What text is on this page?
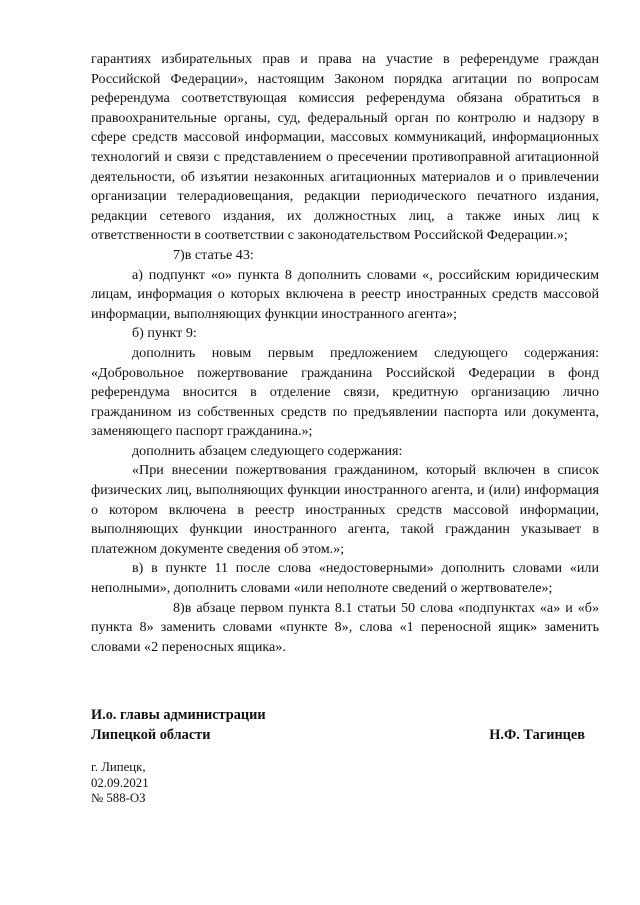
гарантиях избирательных прав и права на участие в референдуме граждан Российской Федерации», настоящим Законом порядка агитации по вопросам референдума соответствующая комиссия референдума обязана обратиться в правоохранительные органы, суд, федеральный орган по контролю и надзору в сфере средств массовой информации, массовых коммуникаций, информационных технологий и связи с представлением о пресечении противоправной агитационной деятельности, об изъятии незаконных агитационных материалов и о привлечении организации телерадиовещания, редакции периодического печатного издания, редакции сетевого издания, их должностных лиц, а также иных лиц к ответственности в соответствии с законодательством Российской Федерации.»;

7)в статье 43:

а) подпункт «о» пункта 8 дополнить словами «, российским юридическим лицам, информация о которых включена в реестр иностранных средств массовой информации, выполняющих функции иностранного агента»;

б) пункт 9:

дополнить новым первым предложением следующего содержания: «Добровольное пожертвование гражданина Российской Федерации в фонд референдума вносится в отделение связи, кредитную организацию лично гражданином из собственных средств по предъявлении паспорта или документа, заменяющего паспорт гражданина.»;

дополнить абзацем следующего содержания:

«При внесении пожертвования гражданином, который включен в список физических лиц, выполняющих функции иностранного агента, и (или) информация о котором включена в реестр иностранных средств массовой информации, выполняющих функции иностранного агента, такой гражданин указывает в платежном документе сведения об этом.»;

в) в пункте 11 после слова «недостоверными» дополнить словами «или неполными», дополнить словами «или неполноте сведений о жертвователе»;

8)в абзаце первом пункта 8.1 статьи 50 слова «подпунктах «а» и «б» пункта 8» заменить словами «пункте 8», слова «1 переносной ящик» заменить словами «2 переносных ящика».

И.о. главы администрации
Липецкой области	Н.Ф. Тагинцев
г. Липецк,
02.09.2021
№ 588-ОЗ
